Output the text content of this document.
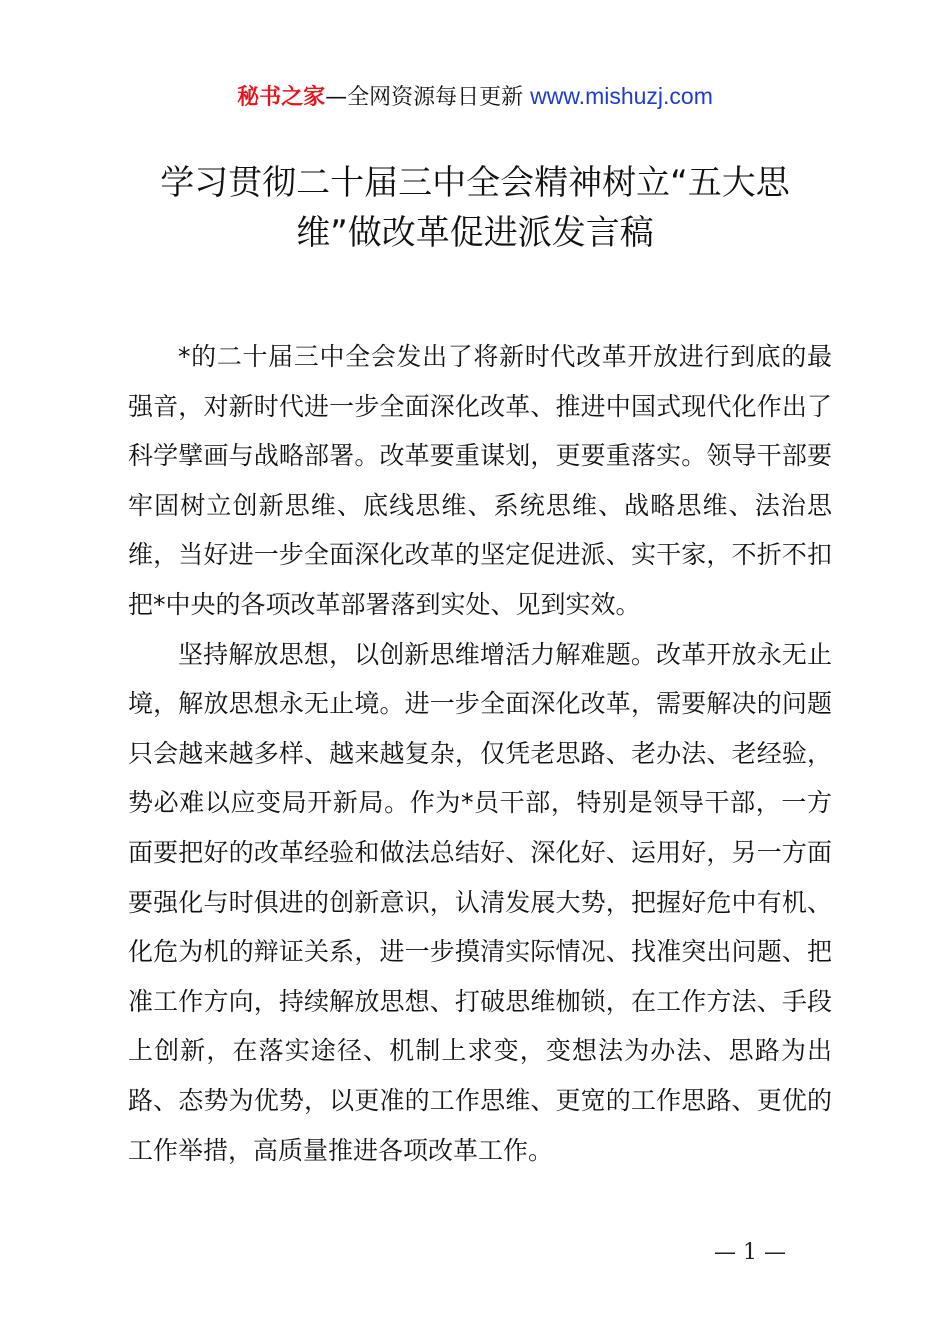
秘书之家—全网资源每日更新 www.mishuzj.com
学习贯彻二十届三中全会精神树立“五大思维”做改革促进派发言稿

*的二十届三中全会发出了将新时代改革开放进行到底的最强音，对新时代进一步全面深化改革、推进中国式现代化作出了科学擘画与战略部署。改革要重谋划，更要重落实。领导干部要牢固树立创新思维、底线思维、系统思维、战略思维、法治思维，当好进一步全面深化改革的坚定促进派、实干家，不折不扣把*中央的各项改革部署落到实处、见到实效。

坚持解放思想，以创新思维增活力解难题。改革开放永无止境，解放思想永无止境。进一步全面深化改革，需要解决的问题只会越来越多样、越来越复杂，仅凭老思路、老办法、老经验，势必难以应变局开新局。作为*员干部，特别是领导干部，一方面要把好的改革经验和做法总结好、深化好、运用好，另一方面要强化与时俱进的创新意识，认清发展大势，把握好危中有机、化危为机的辩证关系，进一步摸清实际情况、找准突出问题、把准工作方向，持续解放思想、打破思维枷锁，在工作方法、手段上创新，在落实途径、机制上求变，变想法为办法、思路为出路、态势为优势，以更准的工作思维、更宽的工作思路、更优的工作举措，高质量推进各项改革工作。

— 1 —
